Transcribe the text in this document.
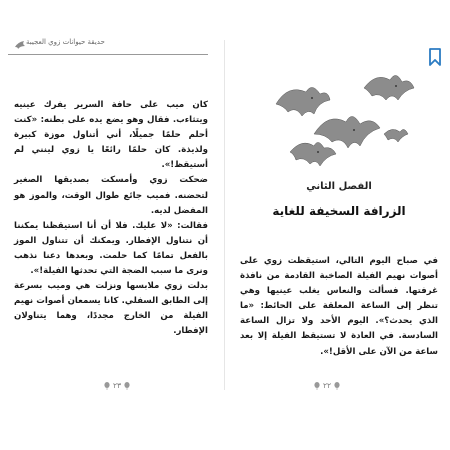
حديقة حيوانات زوي العجيبة

كان ميب على حافة السرير يفرك عينيه ويتثاءب. فقال وهو يضع يده على بطنه: «كنت أحلم حلمًا جميلًا، أني أتناول موزة كبيرة ولذيذة. كان حلمًا رائعًا يا زوي لينني لم أستيقظ!».

ضحكت زوي وأمسكت بصديقها الصغير لتحضنه. فميب جائع طوال الوقت، والموز هو المفضل لديه.

فقالت: «لا عليك. فلا أن أنا استيقظنا يمكننا أن نتناول الإفطار. ويمكنك أن تتناول الموز بالفعل تمامًا كما حلمت. وبعدها دعنا نذهب ونرى ما سبب الضجة التي تحدثها الفيلة!».

بدلت زوي ملابسها ونزلت هي وميب بسرعة إلى الطابق السفلي. كانا يسمعان أصوات نهيم الفيلة من الخارج مجددًا، وهما يتناولان الإفطار.

٢٣
الفصل الثاني
الزرافة السخيفة للغاية

في صباح اليوم التالي، استيقظت زوي على أصوات نهيم الفيلة الصاخبة القادمة من نافذة غرفتها. فسألت والنعاس يغلب عينيها وهي تنظر إلى الساعة المعلقة على الحائط: «ما الذي يحدث؟». اليوم الأحد ولا تزال الساعة السادسة. في العادة لا تستيقظ الفيلة إلا بعد ساعة من الآن على الأقل!».

٢٢
